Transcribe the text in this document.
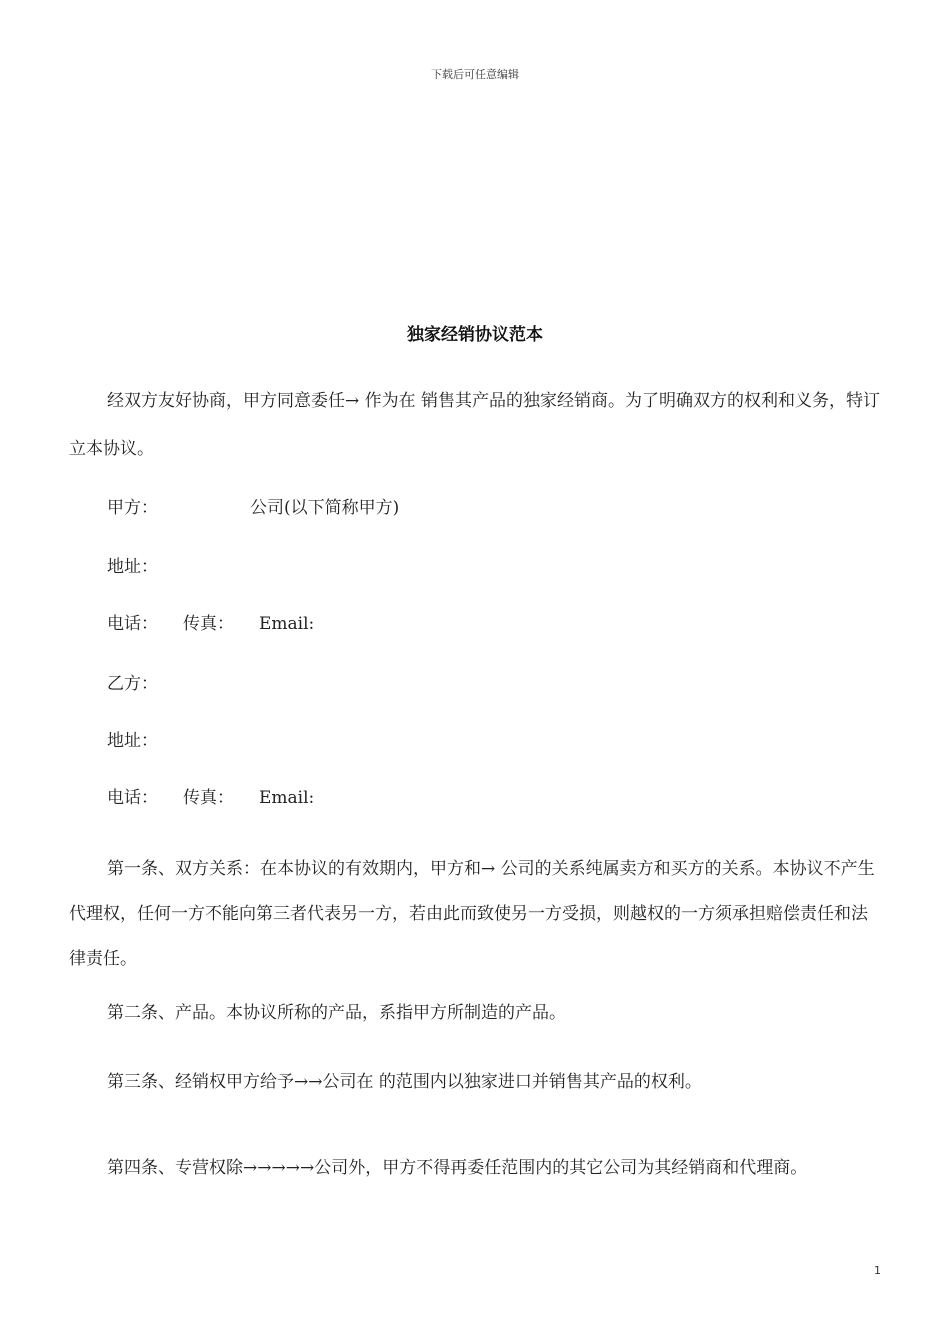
下载后可任意编辑
独家经销协议范本
经双方友好协商，甲方同意委任→ 作为在 销售其产品的独家经销商。为了明确双方的权利和义务，特订立本协议。
甲方：	公司(以下简称甲方)
地址：
电话： 传真： Email:
乙方：
地址：
电话： 传真： Email:
第一条、双方关系：在本协议的有效期内，甲方和→ 公司的关系纯属卖方和买方的关系。本协议不产生代理权，任何一方不能向第三者代表另一方，若由此而致使另一方受损，则越权的一方须承担赔偿责任和法律责任。
第二条、产品。本协议所称的产品，系指甲方所制造的产品。
第三条、经销权甲方给予→→公司在 的范围内以独家进口并销售其产品的权利。
第四条、专营权除→→→→→公司外，甲方不得再委任范围内的其它公司为其经销商和代理商。
1
